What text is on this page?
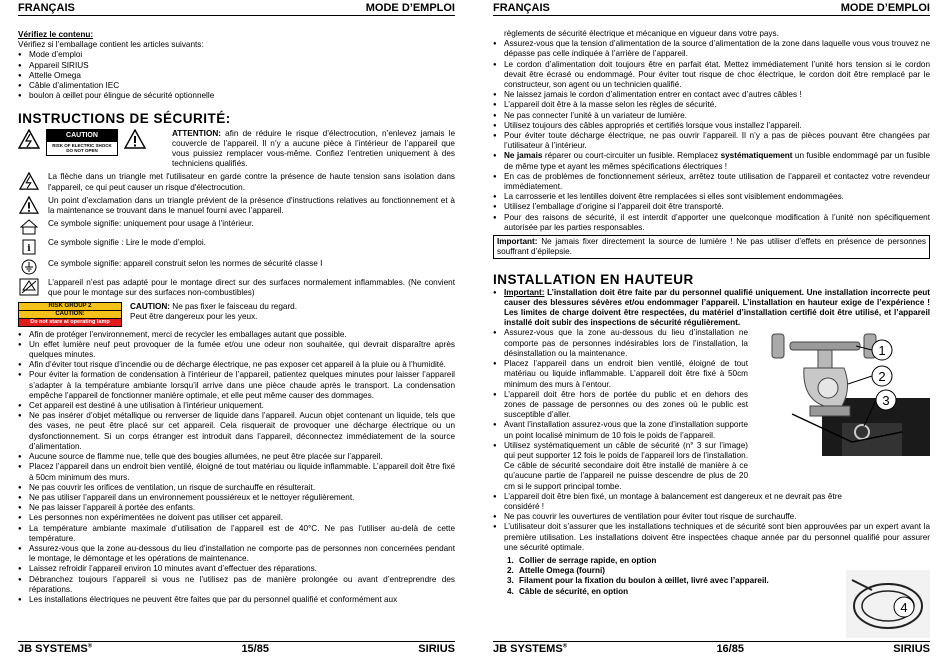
FRANÇAIS	MODE D’EMPLOI
Vérifiez le contenu:
Vérifiez si l’emballage contient les articles suivants:
● Mode d’emploi
● Appareil SIRIUS
● Attelle Omega
● Câble d’alimentation IEC
● boulon à œillet pour élingue de sécurité optionnelle
INSTRUCTIONS DE SÉCURITÉ:
CAUTION
RISK OF ELECTRIC SHOCK
DO NOT OPEN
ATTENTION: afin de réduire le risque d’électrocution, n’enlevez jamais le couvercle de l’appareil. Il n’y a aucune pièce à l’intérieur de l’appareil que vous puissiez remplacer vous-même. Confiez l’entretien uniquement à des techniciens qualifiés.
La flèche dans un triangle met l'utilisateur en garde contre la présence de haute tension sans isolation dans l'appareil, ce qui peut causer un risque d'électrocution.
Un point d’exclamation dans un triangle prévient de la présence d'instructions relatives au fonctionnement et à la maintenance se trouvant dans le manuel fourni avec l’appareil.
Ce symbole signifie: uniquement pour usage à l’intérieur.
i
Ce symbole signifie : Lire le mode d’emploi.
Ce symbole signifie: appareil construit selon les normes de sécurité classe I
L’appareil n’est pas adapté pour le montage direct sur des surfaces normalement inflammables. (Ne convient que pour le montage sur des surfaces non-combustibles)
RISK GROUP 2
CAUTION:
Do not stare at operating lamp
CAUTION: Ne pas fixer le faisceau du regard.
Peut être dangereux pour les yeux.
● Afin de protéger l’environnement, merci de recycler les emballages autant que possible.
● Un effet lumière neuf peut provoquer de la fumée et/ou une odeur non souhaitée, qui devrait disparaître après quelques minutes.
● Afin d’éviter tout risque d’incendie ou de décharge électrique, ne pas exposer cet appareil à la pluie ou à l’humidité.
● Pour éviter la formation de condensation à l’intérieur de l’appareil, patientez quelques minutes pour laisser l’appareil s’adapter à la température ambiante lorsqu’il arrive dans une pièce chaude après le transport. La condensation empêche l’appareil de fonctionner manière optimale, et elle peut même causer des dommages.
● Cet appareil est destiné à une utilisation à l’intérieur uniquement.
● Ne pas insérer d’objet métallique ou renverser de liquide dans l’appareil. Aucun objet contenant un liquide, tels que des vases, ne peut être placé sur cet appareil. Cela risquerait de provoquer une décharge électrique ou un dysfonctionnement. Si un corps étranger est introduit dans l’appareil, déconnectez immédiatement de la source d’alimentation.
● Aucune source de flamme nue, telle que des bougies allumées, ne peut être placée sur l’appareil.
● Placez l’appareil dans un endroit bien ventilé, éloigné de tout matériau ou liquide inflammable. L’appareil doit être fixé à 50cm minimum des murs.
● Ne pas couvrir les orifices de ventilation, un risque de surchauffe en résulterait.
● Ne pas utiliser l’appareil dans un environnement poussiéreux et le nettoyer régulièrement.
● Ne pas laisser l’appareil à portée des enfants.
● Les personnes non expérimentées ne doivent pas utiliser cet appareil.
● La température ambiante maximale d’utilisation de l’appareil est de 40°C. Ne pas l’utiliser au-delà de cette température.
● Assurez-vous que la zone au-dessous du lieu d’installation ne comporte pas de personnes non concernées pendant le montage, le démontage et les opérations de maintenance.
● Laissez refroidir l’appareil environ 10 minutes avant d’effectuer des réparations.
● Débranchez toujours l’appareil si vous ne l’utilisez pas de manière prolongée ou avant d’entreprendre des réparations.
● Les installations électriques ne peuvent être faites que par du personnel qualifié et conformément aux
JB SYSTEMS®	15/85	SIRIUS
FRANÇAIS	MODE D’EMPLOI
règlements de sécurité électrique et mécanique en vigueur dans votre pays.
● Assurez-vous que la tension d’alimentation de la source d’alimentation de la zone dans laquelle vous vous trouvez ne dépasse pas celle indiquée à l’arrière de l’appareil.
● Le cordon d’alimentation doit toujours être en parfait état. Mettez immédiatement l’unité hors tension si le cordon devait être écrasé ou endommagé. Pour éviter tout risque de choc électrique, le cordon doit être remplacé par le constructeur, son agent ou un technicien qualifié.
● Ne laissez jamais le cordon d’alimentation entrer en contact avec d’autres câbles !
● L’appareil doit être à la masse selon les règles de sécurité.
● Ne pas connecter l’unité à un variateur de lumière.
● Utilisez toujours des câbles appropriés et certifiés lorsque vous installez l’appareil.
● Pour éviter toute décharge électrique, ne pas ouvrir l’appareil. Il n’y a pas de pièces pouvant être changées par l’utilisateur à l’intérieur.
● Ne jamais réparer ou court-circuiter un fusible. Remplacez systématiquement un fusible endommagé par un fusible de même type et ayant les mêmes spécifications électriques !
● En cas de problèmes de fonctionnement sérieux, arrêtez toute utilisation de l’appareil et contactez votre revendeur immédiatement.
● La carrosserie et les lentilles doivent être remplacées si elles sont visiblement endommagées.
● Utilisez l’emballage d’origine si l’appareil doit être transporté.
● Pour des raisons de sécurité, il est interdit d’apporter une quelconque modification à l’unité non spécifiquement autorisée par les parties responsables.
Important: Ne jamais fixer directement la source de lumière ! Ne pas utiliser d’effets en présence de personnes souffrant d’épilepsie.
INSTALLATION EN HAUTEUR
● Important: L’installation doit être faite par du personnel qualifié uniquement. Une installation incorrecte peut causer des blessures sévères et/ou endommager l’appareil. L’installation en hauteur exige de l’expérience ! Les limites de charge doivent être respectées, du matériel d’installation certifié doit être utilisé, et l’appareil installé doit subir des inspections de sécurité régulièrement.
1
2
3
● Assurez-vous que la zone au-dessous du lieu d’installation ne comporte pas de personnes indésirables lors de l’installation, la désinstallation ou la maintenance.
● Placez l’appareil dans un endroit bien ventilé, éloigné de tout matériau ou liquide inflammable. L’appareil doit être fixé à 50cm minimum des murs à l’entour.
● L’appareil doit être hors de portée du public et en dehors des zones de passage de personnes ou des zones où le public est susceptible d’aller.
● Avant l’installation assurez-vous que la zone d’installation supporte un point localisé minimum de 10 fois le poids de l’appareil.
● Utilisez systématiquement un câble de sécurité (n° 3 sur l’image) qui peut supporter 12 fois le poids de l’appareil lors de l’installation. Ce câble de sécurité secondaire doit être installé de manière à ce qu’aucune partie de l’appareil ne puisse descendre de plus de 20 cm si le support principal tombe.
4
● L’appareil doit être bien fixé, un montage à balancement est dangereux et ne devrait pas être considéré !
● Ne pas couvrir les ouvertures de ventilation pour éviter tout risque de surchauffe.
● L’utilisateur doit s’assurer que les installations techniques et de sécurité sont bien approuvées par un expert avant la première utilisation. Les installations doivent être inspectées chaque année par du personnel qualifié pour assurer une sécurité optimale.
1. Collier de serrage rapide, en option
2. Attelle Omega (fourni)
3. Filament pour la fixation du boulon à œillet, livré avec l’appareil.
4. Câble de sécurité, en option
JB SYSTEMS®	16/85	SIRIUS
